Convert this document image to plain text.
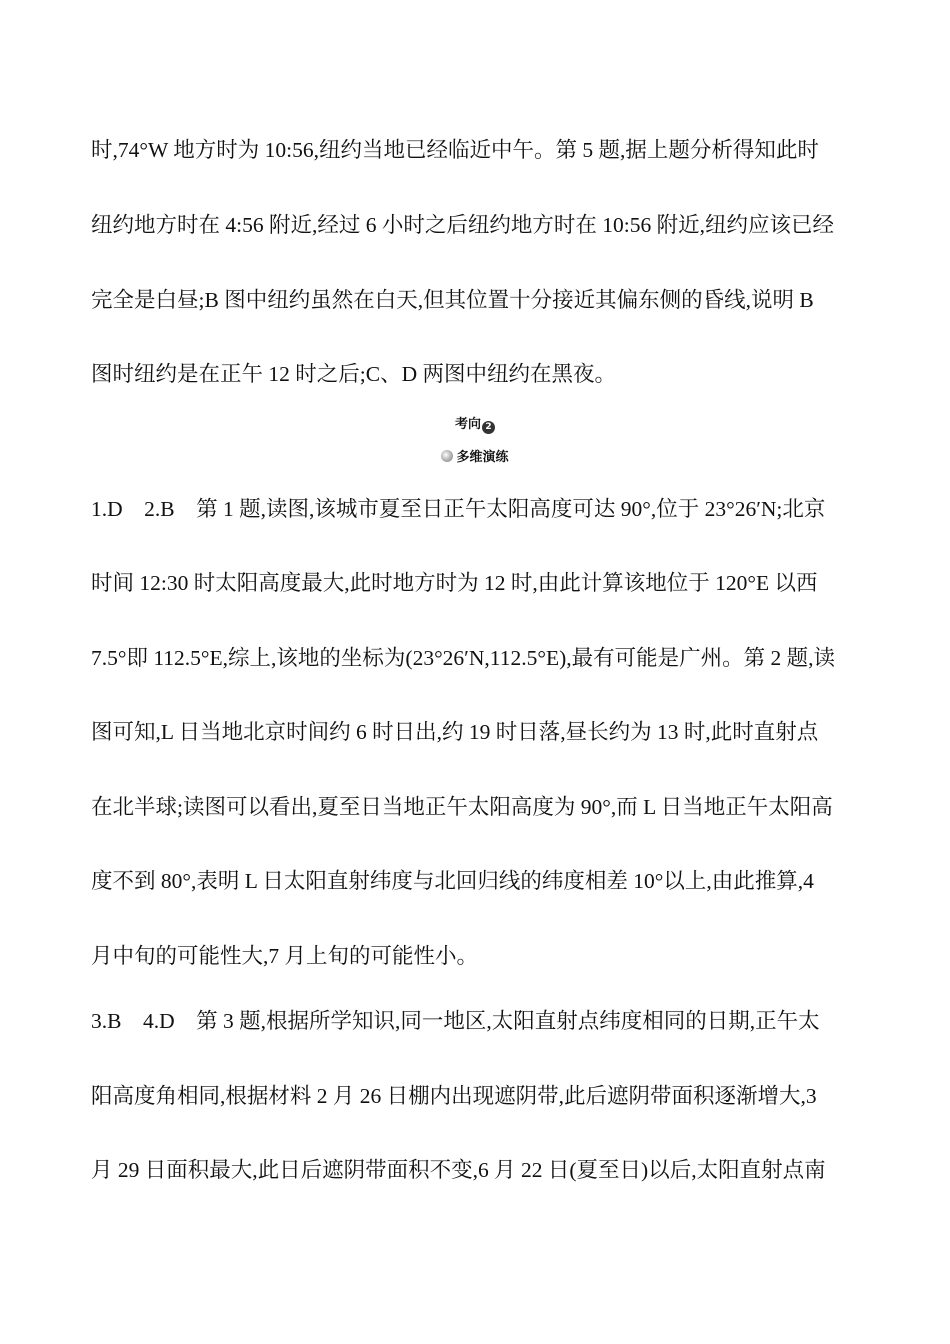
时,74°W 地方时为 10:56,纽约当地已经临近中午。第 5 题,据上题分析得知此时
纽约地方时在 4:56 附近,经过 6 小时之后纽约地方时在 10:56 附近,纽约应该已经
完全是白昼;B 图中纽约虽然在白天,但其位置十分接近其偏东侧的昏线,说明 B
图时纽约是在正午 12 时之后;C、D 两图中纽约在黑夜。
考向 2
多维演练
1.D　2.B　第 1 题,读图,该城市夏至日正午太阳高度可达 90°,位于 23°26′N;北京
时间 12:30 时太阳高度最大,此时地方时为 12 时,由此计算该地位于 120°E 以西
7.5°即 112.5°E,综上,该地的坐标为(23°26′N,112.5°E),最有可能是广州。第 2 题,读
图可知,L 日当地北京时间约 6 时日出,约 19 时日落,昼长约为 13 时,此时直射点
在北半球;读图可以看出,夏至日当地正午太阳高度为 90°,而 L 日当地正午太阳高
度不到 80°,表明 L 日太阳直射纬度与北回归线的纬度相差 10°以上,由此推算,4
月中旬的可能性大,7 月上旬的可能性小。
3.B　4.D　第 3 题,根据所学知识,同一地区,太阳直射点纬度相同的日期,正午太
阳高度角相同,根据材料 2 月 26 日棚内出现遮阴带,此后遮阴带面积逐渐增大,3
月 29 日面积最大,此日后遮阴带面积不变,6 月 22 日(夏至日)以后,太阳直射点南
